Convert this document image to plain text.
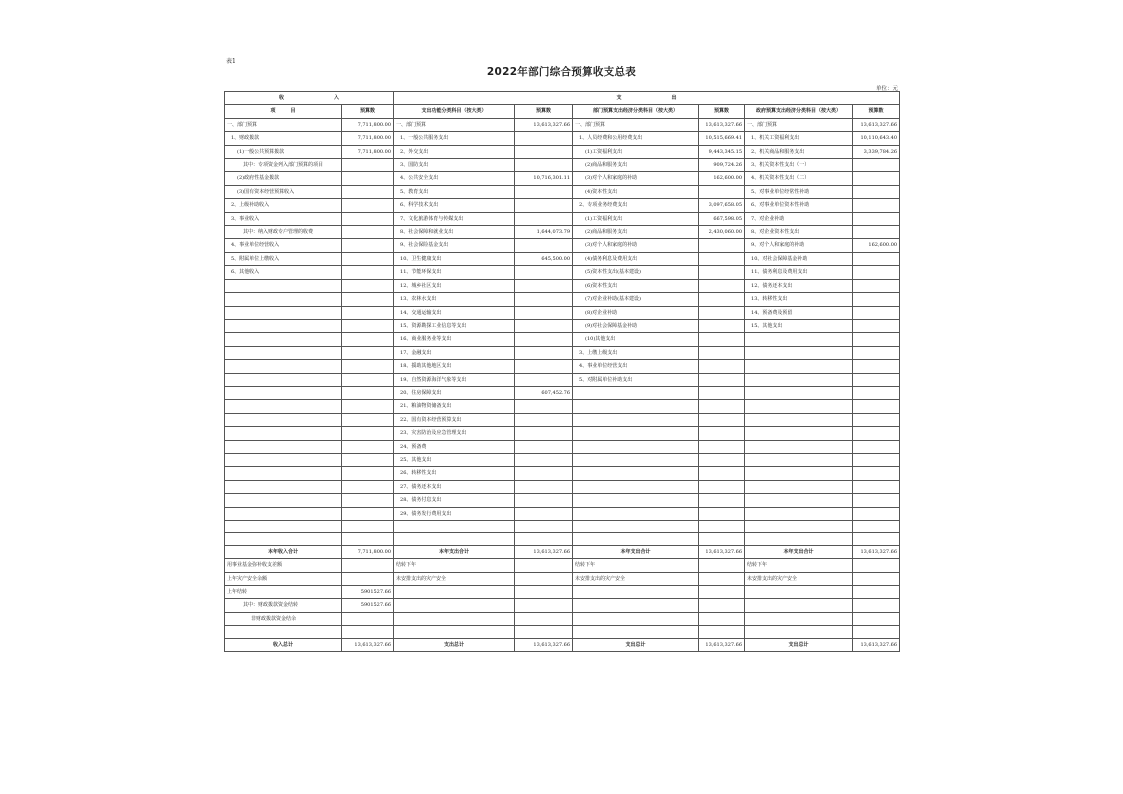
表1
2022年部门综合预算收支总表
单位：元
收　　　　　　　　　　入		支　　　　　　　　　　出					
项　　　目	预算数	支出功能分类科目（按大类）	预算数	部门预算支出经济分类科目（按大类）	预算数	政府预算支出经济分类科目（按大类）	预算数
一、部门预算	7,711,800.00	一、部门预算	13,613,327.66	一、部门预算	13,613,327.66	一、部门预算	13,613,327.66
1、财政拨款	7,711,800.00	1、一般公共服务支出		1、人员经费和公用经费支出	10,515,669.41	1、机关工资福利支出	10,110,643.40
(1)一般公共预算拨款	7,711,800.00	2、外交支出		(1)工资福利支出	9,443,345.15	2、机关商品和服务支出	3,339,784.26
其中：专项资金列入部门预算的项目		3、国防支出		(2)商品和服务支出	909,724.26	3、机关资本性支出（一）	
(2)政府性基金拨款		4、公共安全支出	10,716,301.11	(3)对个人和家庭的补助	162,600.00	4、机关资本性支出（二）	
(3)国有资本经营预算收入		5、教育支出		(4)资本性支出		5、对事业单位经常性补助	
2、上级补助收入		6、科学技术支出		2、专项业务经费支出	3,097,658.05	6、对事业单位资本性补助	
3、事业收入		7、文化旅游体育与传媒支出		(1)工资福利支出	667,598.05	7、对企业补助	
其中：纳入财政专户管理的收费		8、社会保障和就业支出	1,644,073.79	(2)商品和服务支出	2,430,060.00	8、对企业资本性支出	
4、事业单位经营收入		9、社会保险基金支出		(3)对个人和家庭的补助		9、对个人和家庭的补助	162,600.00
5、附属单位上缴收入		10、卫生健康支出	645,500.00	(4)债务利息及费用支出		10、对社会保障基金补助	
6、其他收入		11、节能环保支出		(5)资本性支出(基本建设)		11、债务利息及费用支出	
		12、城乡社区支出		(6)资本性支出		12、债务还本支出	
		13、农林水支出		(7)对企业补助(基本建设)		13、转移性支出	
		14、交通运输支出		(8)对企业补助		14、预备费及预留	
		15、资源勘探工业信息等支出		(9)对社会保障基金补助		15、其他支出	
		16、商业服务业等支出		(10)其他支出			
		17、金融支出		3、上缴上级支出			
		18、援助其他地区支出		4、事业单位经营支出			
		19、自然资源海洋气象等支出		5、对附属单位补助支出			
		20、住房保障支出	607,452.76				
		21、粮油物资储备支出					
		22、国有资本经营预算支出					
		23、灾害防治及应急管理支出					
		24、预备费					
		25、其他支出					
		26、转移性支出					
		27、债务还本支出					
		28、债务付息支出					
		29、债务发行费用支出					

本年收入合计	7,711,800.00	本年支出合计	13,613,327.66	本年支出合计	13,613,327.66	本年支出合计	13,613,327.66
用事业基金弥补收支差额		结转下年		结转下年		结转下年	
上年灾产安全余额		未安排支出的灾产安全		未安排支出的灾产安全		未安排支出的灾产安全	
上年结转	5901527.66						
其中：财政拨款资金结转	5901527.66						
非财政拨款资金结余							

收入总计	13,613,327.66	支出总计	13,613,327.66	支出总计	13,613,327.66	支出总计	13,613,327.66
